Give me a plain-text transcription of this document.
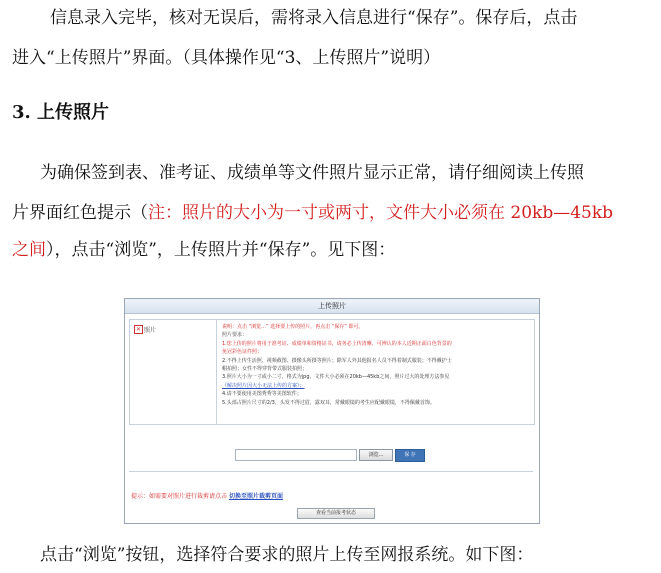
信息录入完毕，核对无误后，需将录入信息进行“保存”。保存后，点击

进入“上传照片”界面。（具体操作见“3、上传照片”说明）

3. 上传照片

为确保签到表、准考证、成绩单等文件照片显示正常，请仔细阅读上传照

片界面红色提示（注：照片的大小为一寸或两寸，文件大小必须在 20kb—45kb

之间），点击“浏览”，上传照片并“保存”。见下图：

上传照片
✕ 照片	说明：点击 “浏览...” 选择要上传的照片，再点击 “保存” 即可。
照片要求：
1.您上传的照片将用于准考证、成绩单和资格证书，请务必上传清晰、可辨认的本人近期正面白色背景的
免冠彩色证件照；
2.不得上传生活照、视频截图、摄像头所摄等照片；除军人外其他报名人员不得着制式服装；不得戴护士
帽拍照；女性不得穿背带式服装拍照；
3.照片大小为一寸或小二寸，格式为jpg，文件大小必须在20kb—45kb之间，照片过大的处理方法参见
《解决照片因大小无法上传的方案》；
4.请不要使用美图秀秀等美图软件；
5.头部占照片尺寸的2/3，头发不得过眉，露双耳，常戴眼镜的考生应配戴眼镜，不得佩戴首饰。
浏览...	保 存
提示：如需要对照片进行裁剪请点击 切换至照片裁剪页面
查看当前报考状态

点击“浏览”按钮，选择符合要求的照片上传至网报系统。如下图：
